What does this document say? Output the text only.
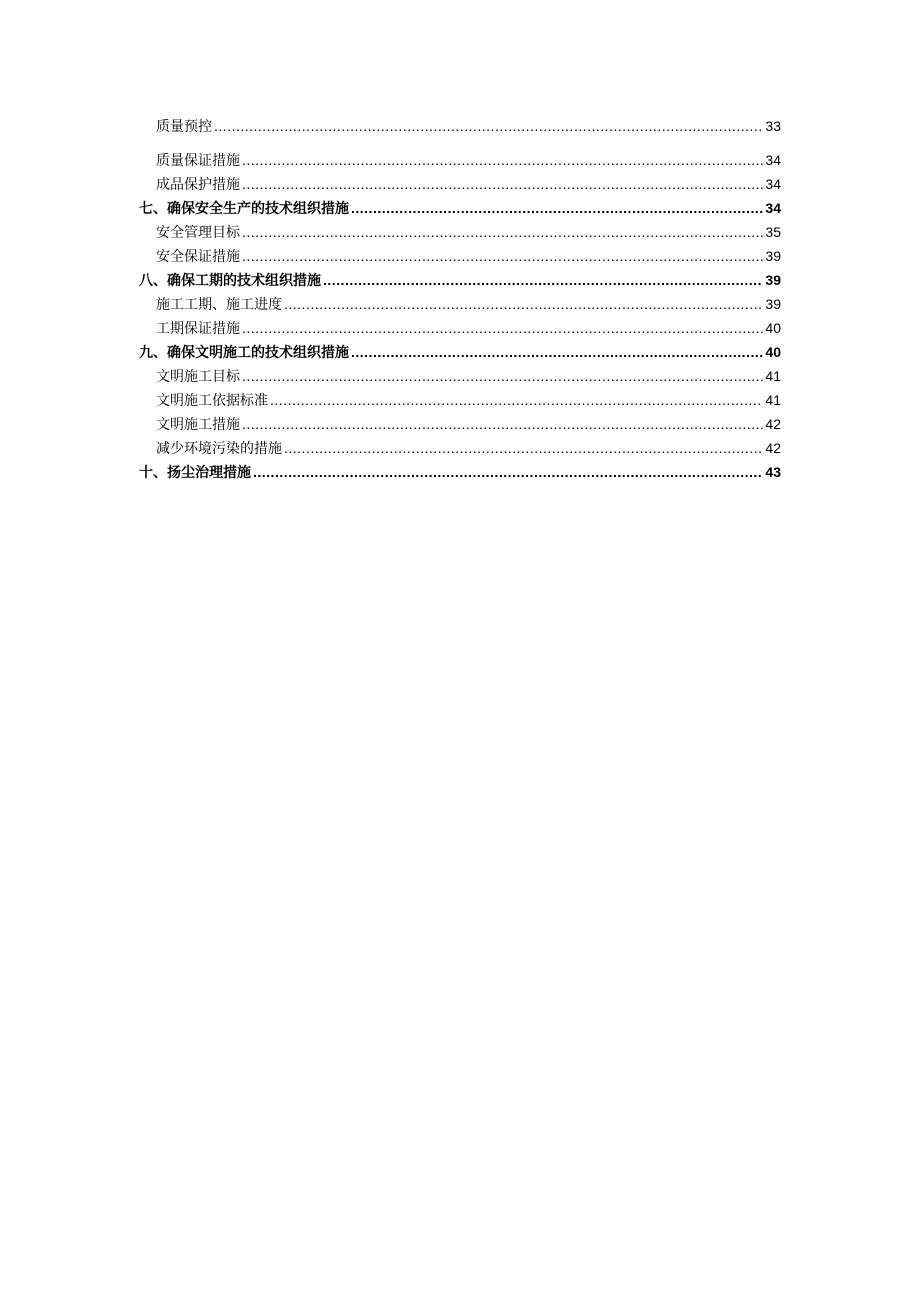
质量预控 .....	33
质量保证措施 .....	34
成品保护措施 .....	34
七、确保安全生产的技术组织措施 .....	34
安全管理目标 .....	35
安全保证措施 .....	39
八、确保工期的技术组织措施 .....	39
施工工期、施工进度 .....	39
工期保证措施 .....	40
九、确保文明施工的技术组织措施 .....	40
文明施工目标 .....	41
文明施工依据标准 .....	41
文明施工措施 .....	42
减少环境污染的措施 .....	42
十、扬尘治理措施 .....	43
